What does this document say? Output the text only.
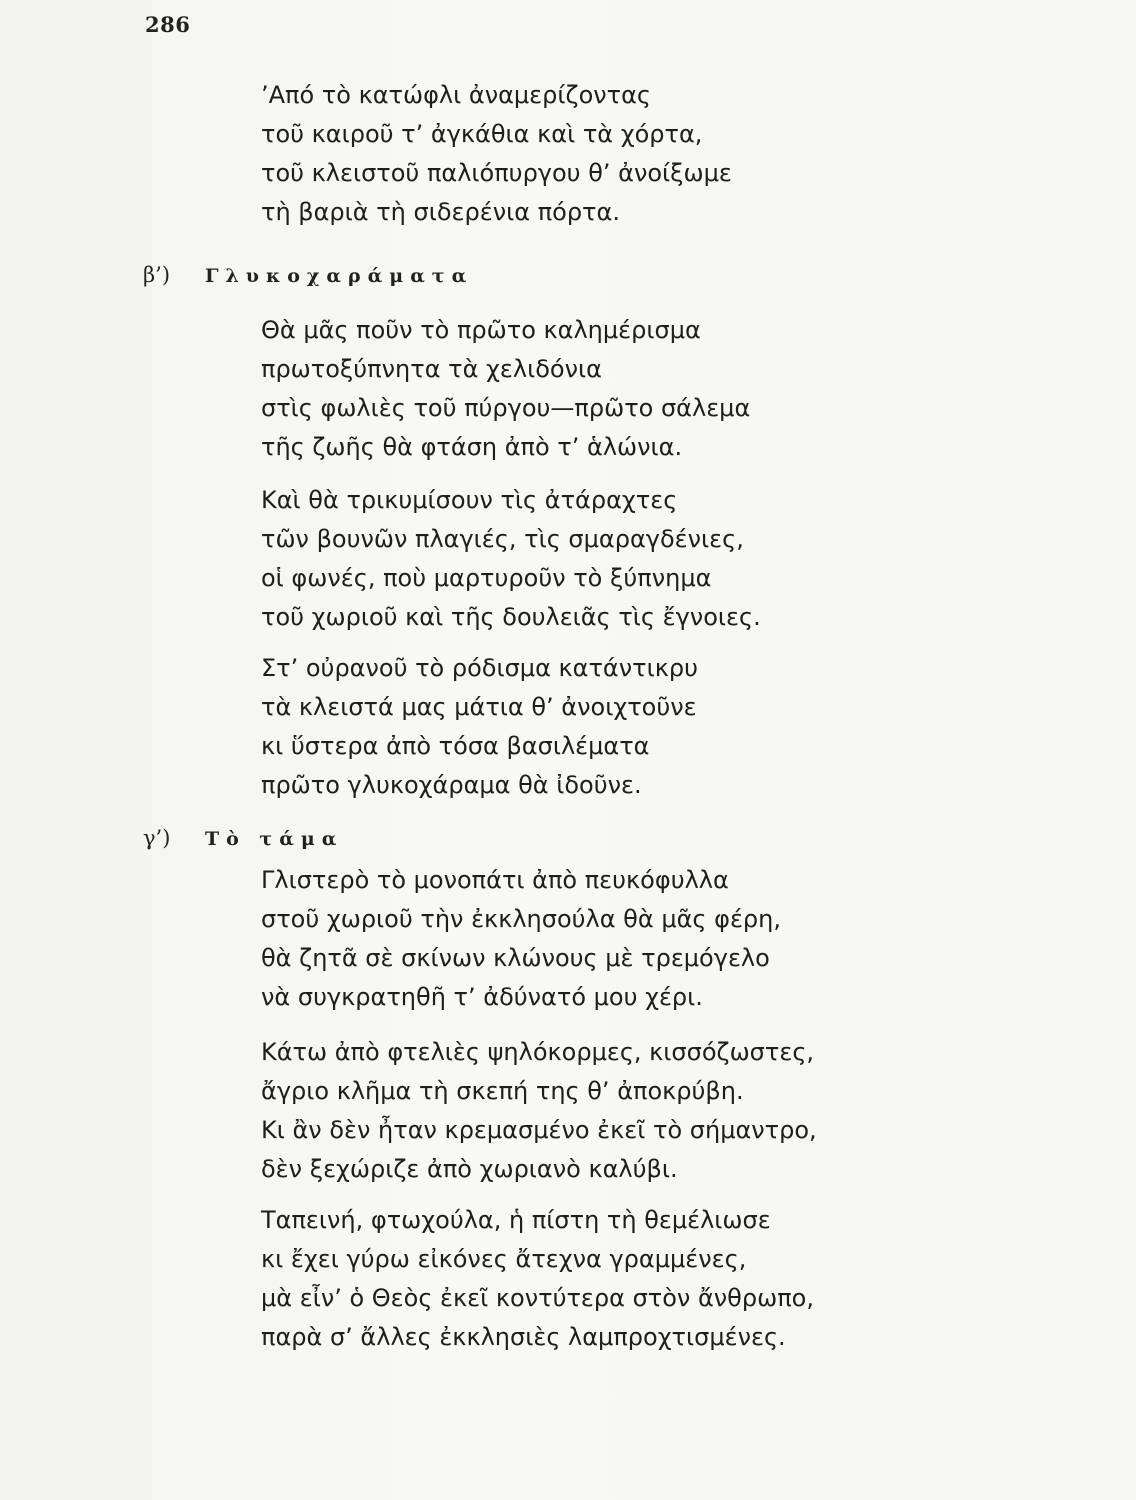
286
’Από τὸ κατώφλι ἀναμερίζοντας
τοῦ καιροῦ τ’ ἀγκάθια καὶ τὰ χόρτα,
τοῦ κλειστοῦ παλιόπυργου θ’ ἀνοίξωμε
τὴ βαριὰ τὴ σιδερένια πόρτα.
β’) Γλυκοχαράματα
Θὰ μᾶς ποῦν τὸ πρῶτο καλημέρισμα
πρωτοξύπνητα τὰ χελιδόνια
στὶς φωλιὲς τοῦ πύργου—πρῶτο σάλεμα
τῆς ζωῆς θὰ φτάση ἀπὸ τ’ ἁλώνια.
Καὶ θὰ τρικυμίσουν τὶς ἀτάραχτες
τῶν βουνῶν πλαγιές, τὶς σμαραγδένιες,
οἱ φωνές, ποὺ μαρτυροῦν τὸ ξύπνημα
τοῦ χωριοῦ καὶ τῆς δουλειᾶς τὶς ἔγνοιες.
Στ’ οὐρανοῦ τὸ ρόδισμα κατάντικρυ
τὰ κλειστά μας μάτια θ’ ἀνοιχτοῦνε
κι ὕστερα ἀπὸ τόσα βασιλέματα
πρῶτο γλυκοχάραμα θὰ ἰδοῦνε.
γ’) Τὸ τάμα
Γλιστερὸ τὸ μονοπάτι ἀπὸ πευκόφυλλα
στοῦ χωριοῦ τὴν ἐκκλησούλα θὰ μᾶς φέρη,
θὰ ζητᾶ σὲ σκίνων κλώνους μὲ τρεμόγελο
νὰ συγκρατηθῆ τ’ ἀδύνατό μου χέρι.
Κάτω ἀπὸ φτελιὲς ψηλόκορμες, κισσόζωστες,
ἄγριο κλῆμα τὴ σκεπή της θ’ ἀποκρύβη.
Κι ἂν δὲν ἦταν κρεμασμένο ἐκεῖ τὸ σήμαντρο,
δὲν ξεχώριζε ἀπὸ χωριανὸ καλύβι.
Ταπεινή, φτωχούλα, ἡ πίστη τὴ θεμέλιωσε
κι ἔχει γύρω εἰκόνες ἄτεχνα γραμμένες,
μὰ εἶν’ ὁ Θεὸς ἐκεῖ κοντύτερα στὸν ἄνθρωπο,
παρὰ σ’ ἄλλες ἐκκλησιὲς λαμπροχτισμένες.
